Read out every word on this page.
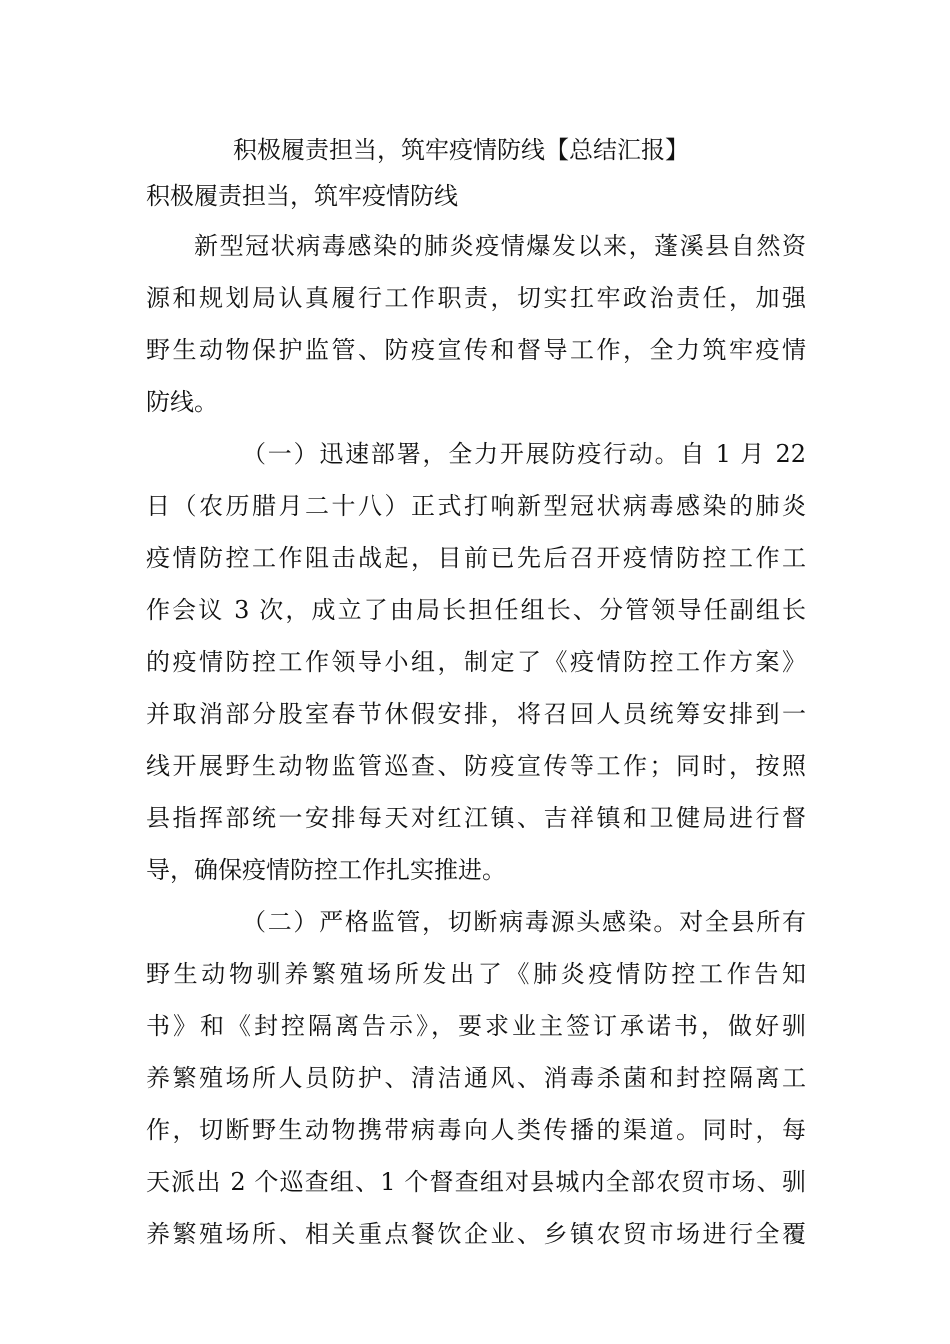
积极履责担当，筑牢疫情防线【总结汇报】
积极履责担当，筑牢疫情防线

新型冠状病毒感染的肺炎疫情爆发以来，蓬溪县自然资
源和规划局认真履行工作职责，切实扛牢政治责任，加强
野生动物保护监管、防疫宣传和督导工作，全力筑牢疫情
防线。

（一）迅速部署，全力开展防疫行动。自 1 月 22
日（农历腊月二十八）正式打响新型冠状病毒感染的肺炎
疫情防控工作阻击战起，目前已先后召开疫情防控工作工
作会议 3 次，成立了由局长担任组长、分管领导任副组长
的疫情防控工作领导小组，制定了《疫情防控工作方案》
并取消部分股室春节休假安排，将召回人员统筹安排到一
线开展野生动物监管巡查、防疫宣传等工作；同时，按照
县指挥部统一安排每天对红江镇、吉祥镇和卫健局进行督
导，确保疫情防控工作扎实推进。

（二）严格监管，切断病毒源头感染。对全县所有
野生动物驯养繁殖场所发出了《肺炎疫情防控工作告知
书》和《封控隔离告示》，要求业主签订承诺书，做好驯
养繁殖场所人员防护、清洁通风、消毒杀菌和封控隔离工
作，切断野生动物携带病毒向人类传播的渠道。同时，每
天派出 2 个巡查组、1 个督查组对县城内全部农贸市场、驯
养繁殖场所、相关重点餐饮企业、乡镇农贸市场进行全覆
